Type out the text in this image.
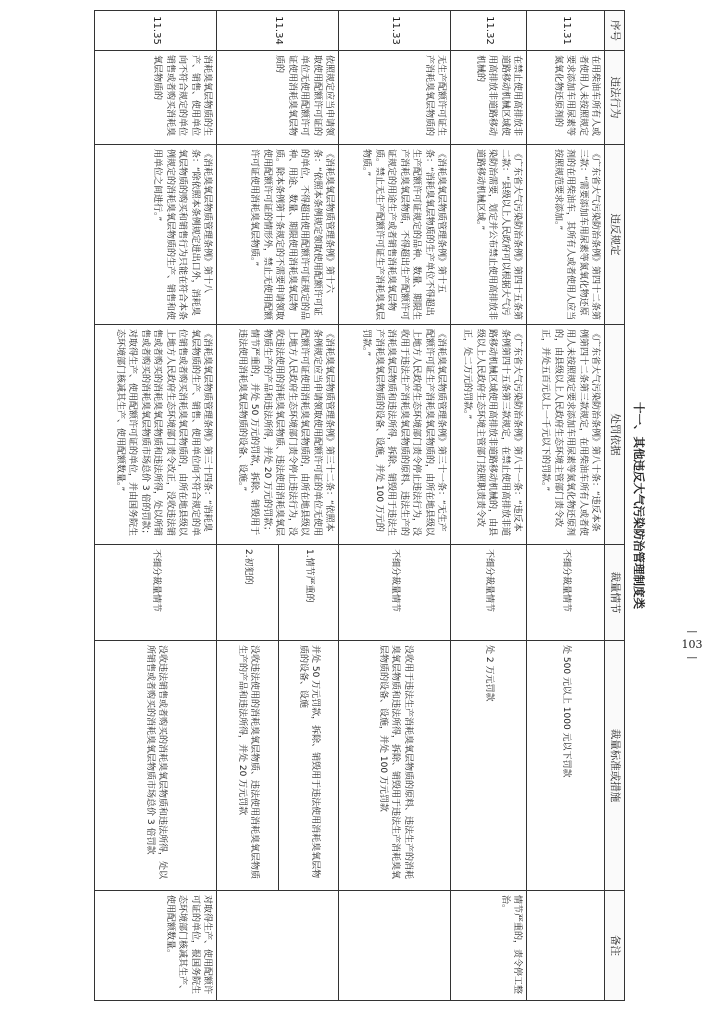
十一、其他违反大气污染防治管理制度类						
序号	违法行为	违反规定	处罚依据	裁量情节	裁量标准或措施	备注
11.31	在用柴油车所有人或者使用人未按照规定要求添加车用尿素等氮氧化物还原剂的	《广东省大气污染防治条例》第四十二条第三款：“需要添加车用尿素等氮氧化物还原剂的在用柴油车，其所有人或者使用人应当按照规范要求添加。”	《广东省大气污染防治条例》第八十条：“违反本条例第四十二条第三款规定，在用柴油车所有人或者使用人未按照规定要求添加车用尿素等氮氧化物还原剂的，由县级以上人民政府生态环境主管部门责令改正，并处五百元以上一千元以下的罚款。”	不细分裁量情节	处 500 元以上 1000 元以下罚款	
11.32	在禁止使用高排放非道路移动机械区域使用高排放非道路移动机械的	《广东省大气污染防治条例》第四十五条第二款：“县级以上人民政府可以根据大气污染防治需要，划定并公布禁止使用高排放非道路移动机械区域。”	《广东省大气污染防治条例》第八十一条：“违反本条例第四十五条第三款规定，在禁止使用高排放非道路移动机械区域使用高排放非道路移动机械的，由县级以上人民政府生态环境主管部门按照职责责令改正，处二万元的罚款。”	不细分裁量情节	处 2 万元罚款	情节严重的，责令停工整治。
11.33	无生产配额许可证生产消耗臭氧层物质的	《消耗臭氧层物质管理条例》第十五条：“消耗臭氧层物质的生产单位不得超出生产配额许可证规定的品种、数量、期限生产消耗臭氧层物质，不得超出生产配额许可证规定的用途生产或者销售消耗臭氧层物质。禁止无生产配额许可证生产消耗臭氧层物质。”	《消耗臭氧层物质管理条例》第三十一条：“无生产配额许可证生产消耗臭氧层物质的，由所在地县级以上地方人民政府生态环境部门责令停止违法行为，没收用于违法生产消耗臭氧层物质的原料、违法生产的消耗臭氧层物质和违法所得，拆除、销毁用于违法生产消耗臭氧层物质的设备、设施，并处 100 万元的罚款。”	不细分裁量情节	没收用于违法生产消耗臭氧层物质的原料、违法生产的消耗臭氧层物质和违法所得，拆除、销毁用于违法生产消耗臭氧层物质的设备、设施，并处 100 万元罚款	
11.34	依照规定应当申请领取使用配额许可证的单位无使用配额许可证使用消耗臭氧层物质的	《消耗臭氧层物质管理条例》第十六条：“依照本条例规定领取使用配额许可证的单位，不得超出使用配额许可证规定的品种、用途、数量、期限使用消耗臭氧层物质。除本条例第十条规定的不需要申请领取使用配额许可证的情形外，禁止无使用配额许可证使用消耗臭氧层物质。”	《消耗臭氧层物质管理条例》第三十二条：“依照本条例规定应当申请领取使用配额许可证的单位无使用配额许可证使用消耗臭氧层物质的，由所在地县级以上地方人民政府生态环境部门责令停止违法行为，没收违法使用的消耗臭氧层物质、违法使用消耗臭氧层物质生产的产品和违法所得，并处 20 万元的罚款；情节严重的，并处 50 万元的罚款，拆除、销毁用于违法使用消耗臭氧层物质的设备、设施。”	1.情节严重的	并处 50 万元罚款，拆除、销毁用于违法使用消耗臭氧层物质的设备、设施	
				2.初犯的	没收违法使用的消耗臭氧层物质、违法使用消耗臭氧层物质生产的产品和违法所得，并处 20 万元罚款	
11.35	消耗臭氧层物质的生产、销售、使用单位向不符合规定的单位销售或者购买消耗臭氧层物质的	《消耗臭氧层物质管理条例》第十八条：“除依照本条例规定进出口外，消耗臭氧层物质的购买和销售行为只能在符合本条例规定的消耗臭氧层物质的生产、销售和使用单位之间进行。”	《消耗臭氧层物质管理条例》第三十四条：“消耗臭氧层物质的生产、销售、使用单位向不符合规定的单位销售或者购买消耗臭氧层物质的，由所在地县级以上地方人民政府生态环境部门责令改正，没收违法销售或者购买的消耗臭氧层物质和违法所得，处以所销售或者购买的消耗臭氧层物质市场总价 3 倍的罚款；对取得生产、使用配额许可证的单位，并由国务院生态环境部门核减其生产、使用配额数量。”	不细分裁量情节	没收违法销售或者购买的消耗臭氧层物质和违法所得，处以所销售或者购买的消耗臭氧层物质市场总价 3 倍罚款	对取得生产、使用配额许可证的单位，报国务院生态环境部门核减其生产、使用配额数量。
— 103 —
